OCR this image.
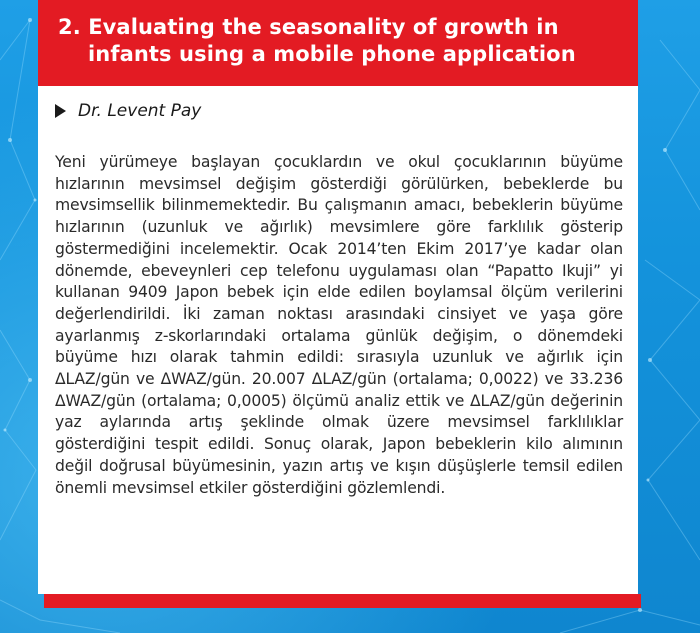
2. Evaluating the seasonality of growth in
infants using a mobile phone application
Dr. Levent Pay

Yeni yürümeye başlayan çocuklardın ve okul çocuklarının büyüme hızlarının mevsimsel değişim gösterdiği görülürken, bebeklerde bu mevsimsellik bilinmemektedir. Bu çalışmanın amacı, bebeklerin büyüme hızlarının (uzunluk ve ağırlık) mevsimlere göre farklılık gösterip göstermediğini incelemektir. Ocak 2014’ten Ekim 2017’ye kadar olan dönemde, ebeveynleri cep telefonu uygulaması olan “Papatto Ikuji” yi kullanan 9409 Japon bebek için elde edilen boylamsal ölçüm verilerini değerlendirildi. İki zaman noktası arasındaki cinsiyet ve yaşa göre ayarlanmış z-skorlarındaki ortalama günlük değişim, o dönemdeki büyüme hızı olarak tahmin edildi: sırasıyla uzunluk ve ağırlık için ΔLAZ/gün ve ΔWAZ/gün. 20.007 ΔLAZ/gün (ortalama; 0,0022) ve 33.236 ΔWAZ/gün (ortalama; 0,0005) ölçümü analiz ettik ve ΔLAZ/gün değerinin yaz aylarında artış şeklinde olmak üzere mevsimsel farklılıklar gösterdiğini tespit edildi. Sonuç olarak, Japon bebeklerin kilo alımının değil doğrusal büyümesinin, yazın artış ve kışın düşüşlerle temsil edilen önemli mevsimsel etkiler gösterdiğini gözlemlendi.
